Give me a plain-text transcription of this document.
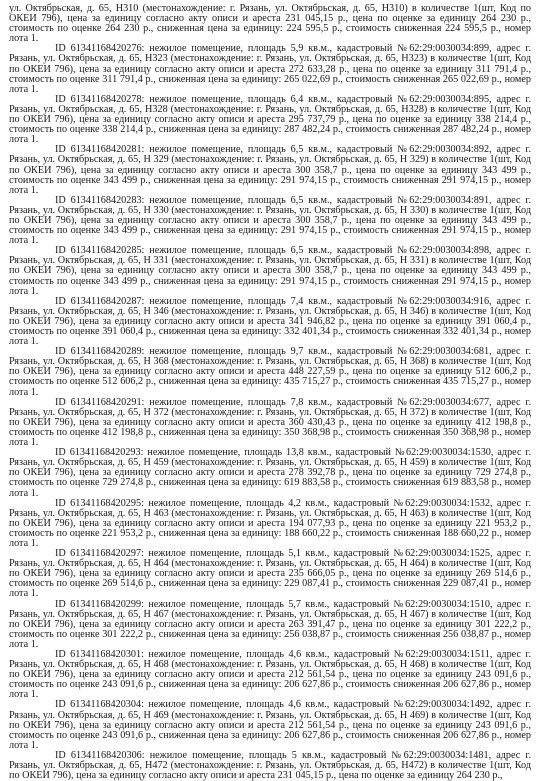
ул. Октябрьская, д. 65, Н310 (местонахождение: г. Рязань, ул. Октябрьская, д. 65, Н310) в количестве 1(шт, Код по ОКЕИ 796), цена за единицу согласно акту описи и ареста 231 045,15 р., цена по оценке за единицу 264 230 р., стоимость по оценке 264 230 р., сниженная цена за единицу: 224 595,5 р., стоимость сниженная 224 595,5 р., номер лота 1.

ID 61341168420276: нежилое помещение, площадь 5,9 кв.м., кадастровый №62:29:0030034:899, адрес г. Рязань, ул. Октябрьская, д. 65, Н323 (местонахождение: г. Рязань, ул. Октябрьская, д. 65, Н323) в количестве 1(шт, Код по ОКЕИ 796), цена за единицу согласно акту описи и ареста 272 633,28 р., цена по оценке за единицу 311 791,4 р., стоимость по оценке 311 791,4 р., сниженная цена за единицу: 265 022,69 р., стоимость сниженная 265 022,69 р., номер лота 1.

ID 61341168420278: нежилое помещение, площадь 6,4 кв.м., кадастровый №62:29:0030034:895, адрес г. Рязань, ул. Октябрьская, д. 65, Н328 (местонахождение: г. Рязань, ул. Октябрьская, д. 65, Н328) в количестве 1(шт, Код по ОКЕИ 796), цена за единицу согласно акту описи и ареста 295 737,79 р., цена по оценке за единицу 338 214,4 р., стоимость по оценке 338 214,4 р., сниженная цена за единицу: 287 482,24 р., стоимость сниженная 287 482,24 р., номер лота 1.

ID 61341168420281: нежилое помещение, площадь 6,5 кв.м., кадастровый №62:29:0030034:892, адрес г. Рязань, ул. Октябрьская, д. 65, Н 329 (местонахождение: г. Рязань, ул. Октябрьская, д. 65, Н 329) в количестве 1(шт, Код по ОКЕИ 796), цена за единицу согласно акту описи и ареста 300 358,7 р., цена по оценке за единицу 343 499 р., стоимость по оценке 343 499 р., сниженная цена за единицу: 291 974,15 р., стоимость сниженная 291 974,15 р., номер лота 1.

ID 61341168420283: нежилое помещение, площадь 6,5 кв.м., кадастровый №62:29:0030034:891, адрес г. Рязань, ул. Октябрьская, д. 65, Н 330 (местонахождение: г. Рязань, ул. Октябрьская, д. 65, Н 330) в количестве 1(шт, Код по ОКЕИ 796), цена за единицу согласно акту описи и ареста 300 358,7 р., цена по оценке за единицу 343 499 р., стоимость по оценке 343 499 р., сниженная цена за единицу: 291 974,15 р., стоимость сниженная 291 974,15 р., номер лота 1.

ID 61341168420285: нежилое помещение, площадь 6,5 кв.м., кадастровый №62:29:0030034:898, адрес г. Рязань, ул. Октябрьская, д. 65, Н 331 (местонахождение: г. Рязань, ул. Октябрьская, д. 65, Н 331) в количестве 1(шт, Код по ОКЕИ 796), цена за единицу согласно акту описи и ареста 300 358,7 р., цена по оценке за единицу 343 499 р., стоимость по оценке 343 499 р., сниженная цена за единицу: 291 974,15 р., стоимость сниженная 291 974,15 р., номер лота 1.

ID 61341168420287: нежилое помещение, площадь 7,4 кв.м., кадастровый №62:29:0030034:916, адрес г. Рязань, ул. Октябрьская, д. 65, Н 346 (местонахождение: г. Рязань, ул. Октябрьская, д. 65, Н 346) в количестве 1(шт, Код по ОКЕИ 796), цена за единицу согласно акту описи и ареста 341 946,82 р., цена по оценке за единицу 391 060,4 р., стоимость по оценке 391 060,4 р., сниженная цена за единицу: 332 401,34 р., стоимость сниженная 332 401,34 р., номер лота 1.

ID 61341168420289: нежилое помещение, площадь 9,7 кв.м., кадастровый №62:29:0030034:681, адрес г. Рязань, ул. Октябрьская, д. 65, Н 368 (местонахождение: г. Рязань, ул. Октябрьская, д. 65, Н 368) в количестве 1(шт, Код по ОКЕИ 796), цена за единицу согласно акту описи и ареста 448 227,59 р., цена по оценке за единицу 512 606,2 р., стоимость по оценке 512 606,2 р., сниженная цена за единицу: 435 715,27 р., стоимость сниженная 435 715,27 р., номер лота 1.

ID 61341168420291: нежилое помещение, площадь 7,8 кв.м., кадастровый №62:29:0030034:677, адрес г. Рязань, ул. Октябрьская, д. 65, Н 372 (местонахождение: г. Рязань, ул. Октябрьская, д. 65, Н 372) в количестве 1(шт, Код по ОКЕИ 796), цена за единицу согласно акту описи и ареста 360 430,43 р., цена по оценке за единицу 412 198,8 р., стоимость по оценке 412 198,8 р., сниженная цена за единицу: 350 368,98 р., стоимость сниженная 350 368,98 р., номер лота 1.

ID 61341168420293: нежилое помещение, площадь 13,8 кв.м., кадастровый №62:29:0030034:1530, адрес г. Рязань, ул. Октябрьская, д. 65, Н 459 (местонахождение: г. Рязань, ул. Октябрьская, д. 65, Н 459) в количестве 1(шт, Код по ОКЕИ 796), цена за единицу согласно акту описи и ареста 278 392,78 р., цена по оценке за единицу 729 274,8 р., стоимость по оценке 729 274,8 р., сниженная цена за единицу: 619 883,58 р., стоимость сниженная 619 883,58 р., номер лота 1.

ID 61341168420295: нежилое помещение, площадь 4,2 кв.м., кадастровый №62:29:0030034:1532, адрес г. Рязань, ул. Октябрьская, д. 65, Н 463 (местонахождение: г. Рязань, ул. Октябрьская, д. 65, Н 463) в количестве 1(шт, Код по ОКЕИ 796), цена за единицу согласно акту описи и ареста 194 077,93 р., цена по оценке за единицу 221 953,2 р., стоимость по оценке 221 953,2 р., сниженная цена за единицу: 188 660,22 р., стоимость сниженная 188 660,22 р., номер лота 1.

ID 61341168420297: нежилое помещение, площадь 5,1 кв.м., кадастровый №62:29:0030034:1525, адрес г. Рязань, ул. Октябрьская, д. 65, Н 464 (местонахождение: г. Рязань, ул. Октябрьская, д. 65, Н 464) в количестве 1(шт, Код по ОКЕИ 796), цена за единицу согласно акту описи и ареста 235 666,05 р., цена по оценке за единицу 269 514,6 р., стоимость по оценке 269 514,6 р., сниженная цена за единицу: 229 087,41 р., стоимость сниженная 229 087,41 р., номер лота 1.

ID 61341168420299: нежилое помещение, площадь 5,7 кв.м., кадастровый №62:29:0030034:1510, адрес г. Рязань, ул. Октябрьская, д. 65, Н 467 (местонахождение: г. Рязань, ул. Октябрьская, д. 65, Н 467) в количестве 1(шт, Код по ОКЕИ 796), цена за единицу согласно акту описи и ареста 263 391,47 р., цена по оценке за единицу 301 222,2 р., стоимость по оценке 301 222,2 р., сниженная цена за единицу: 256 038,87 р., стоимость сниженная 256 038,87 р., номер лота 1.

ID 61341168420301: нежилое помещение, площадь 4,6 кв.м., кадастровый №62:29:0030034:1511, адрес г. Рязань, ул. Октябрьская, д. 65, Н 468 (местонахождение: г. Рязань, ул. Октябрьская, д. 65, Н 468) в количестве 1(шт, Код по ОКЕИ 796), цена за единицу согласно акту описи и ареста 212 561,54 р., цена по оценке за единицу 243 091,6 р., стоимость по оценке 243 091,6 р., сниженная цена за единицу: 206 627,86 р., стоимость сниженная 206 627,86 р., номер лота 1.

ID 61341168420304: нежилое помещение, площадь 4,6 кв.м., кадастровый №62:29:0030034:1492, адрес г. Рязань, ул. Октябрьская, д. 65, Н 469 (местонахождение: г. Рязань, ул. Октябрьская, д. 65, Н 469) в количестве 1(шт, Код по ОКЕИ 796), цена за единицу согласно акту описи и ареста 212 561,54 р., цена по оценке за единицу 243 091,6 р., стоимость по оценке 243 091,6 р., сниженная цена за единицу: 206 627,86 р., стоимость сниженная 206 627,86 р., номер лота 1.

ID 61341168420306: нежилое помещение, площадь 5 кв.м., кадастровый №62:29:0030034:1481, адрес г. Рязань, ул. Октябрьская, д. 65, Н472 (местонахождение: г. Рязань, ул. Октябрьская, д. 65, Н472) в количестве 1(шт, Код по ОКЕИ 796), цена за единицу согласно акту описи и ареста 231 045,15 р., цена по оценке за единицу 264 230 р.,
